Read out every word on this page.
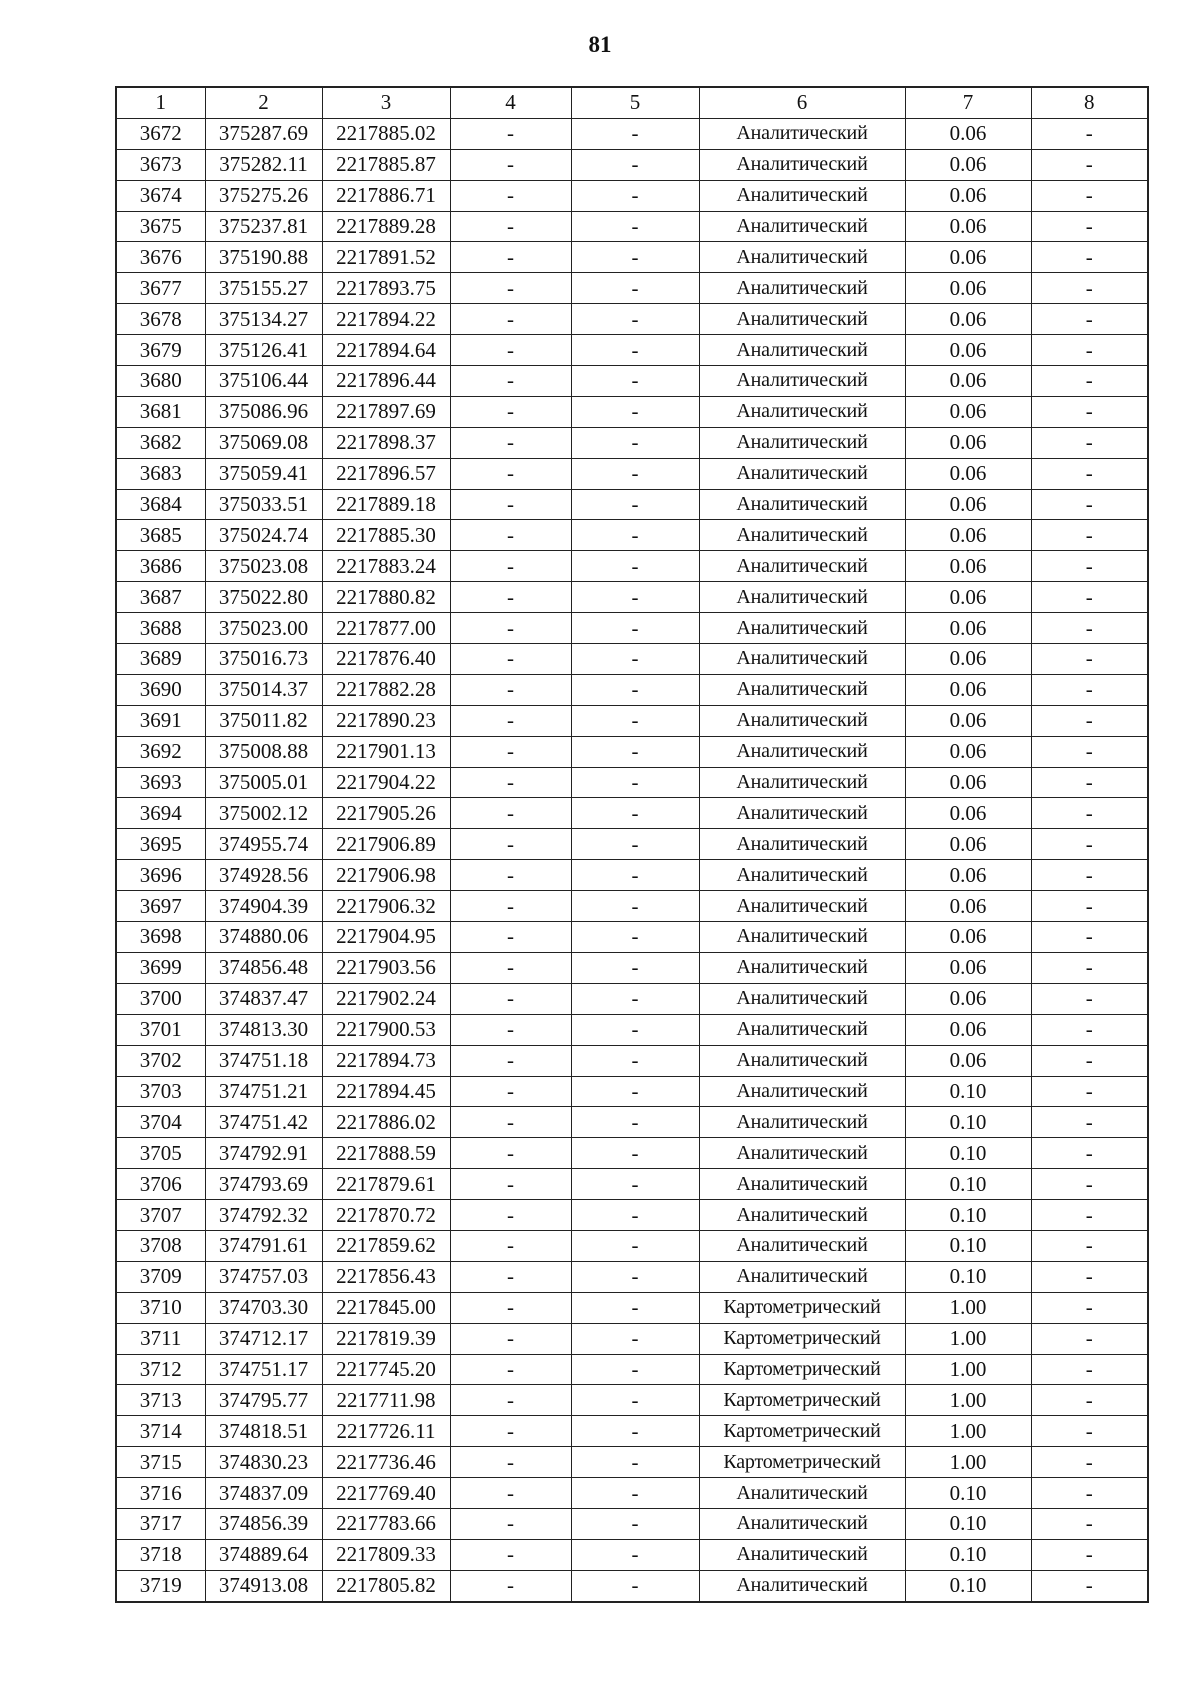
81
1	2	3	4	5	6	7	8
3672	375287.69	2217885.02	-	-	Аналитический	0.06	-
3673	375282.11	2217885.87	-	-	Аналитический	0.06	-
3674	375275.26	2217886.71	-	-	Аналитический	0.06	-
3675	375237.81	2217889.28	-	-	Аналитический	0.06	-
3676	375190.88	2217891.52	-	-	Аналитический	0.06	-
3677	375155.27	2217893.75	-	-	Аналитический	0.06	-
3678	375134.27	2217894.22	-	-	Аналитический	0.06	-
3679	375126.41	2217894.64	-	-	Аналитический	0.06	-
3680	375106.44	2217896.44	-	-	Аналитический	0.06	-
3681	375086.96	2217897.69	-	-	Аналитический	0.06	-
3682	375069.08	2217898.37	-	-	Аналитический	0.06	-
3683	375059.41	2217896.57	-	-	Аналитический	0.06	-
3684	375033.51	2217889.18	-	-	Аналитический	0.06	-
3685	375024.74	2217885.30	-	-	Аналитический	0.06	-
3686	375023.08	2217883.24	-	-	Аналитический	0.06	-
3687	375022.80	2217880.82	-	-	Аналитический	0.06	-
3688	375023.00	2217877.00	-	-	Аналитический	0.06	-
3689	375016.73	2217876.40	-	-	Аналитический	0.06	-
3690	375014.37	2217882.28	-	-	Аналитический	0.06	-
3691	375011.82	2217890.23	-	-	Аналитический	0.06	-
3692	375008.88	2217901.13	-	-	Аналитический	0.06	-
3693	375005.01	2217904.22	-	-	Аналитический	0.06	-
3694	375002.12	2217905.26	-	-	Аналитический	0.06	-
3695	374955.74	2217906.89	-	-	Аналитический	0.06	-
3696	374928.56	2217906.98	-	-	Аналитический	0.06	-
3697	374904.39	2217906.32	-	-	Аналитический	0.06	-
3698	374880.06	2217904.95	-	-	Аналитический	0.06	-
3699	374856.48	2217903.56	-	-	Аналитический	0.06	-
3700	374837.47	2217902.24	-	-	Аналитический	0.06	-
3701	374813.30	2217900.53	-	-	Аналитический	0.06	-
3702	374751.18	2217894.73	-	-	Аналитический	0.06	-
3703	374751.21	2217894.45	-	-	Аналитический	0.10	-
3704	374751.42	2217886.02	-	-	Аналитический	0.10	-
3705	374792.91	2217888.59	-	-	Аналитический	0.10	-
3706	374793.69	2217879.61	-	-	Аналитический	0.10	-
3707	374792.32	2217870.72	-	-	Аналитический	0.10	-
3708	374791.61	2217859.62	-	-	Аналитический	0.10	-
3709	374757.03	2217856.43	-	-	Аналитический	0.10	-
3710	374703.30	2217845.00	-	-	Картометрический	1.00	-
3711	374712.17	2217819.39	-	-	Картометрический	1.00	-
3712	374751.17	2217745.20	-	-	Картометрический	1.00	-
3713	374795.77	2217711.98	-	-	Картометрический	1.00	-
3714	374818.51	2217726.11	-	-	Картометрический	1.00	-
3715	374830.23	2217736.46	-	-	Картометрический	1.00	-
3716	374837.09	2217769.40	-	-	Аналитический	0.10	-
3717	374856.39	2217783.66	-	-	Аналитический	0.10	-
3718	374889.64	2217809.33	-	-	Аналитический	0.10	-
3719	374913.08	2217805.82	-	-	Аналитический	0.10	-
